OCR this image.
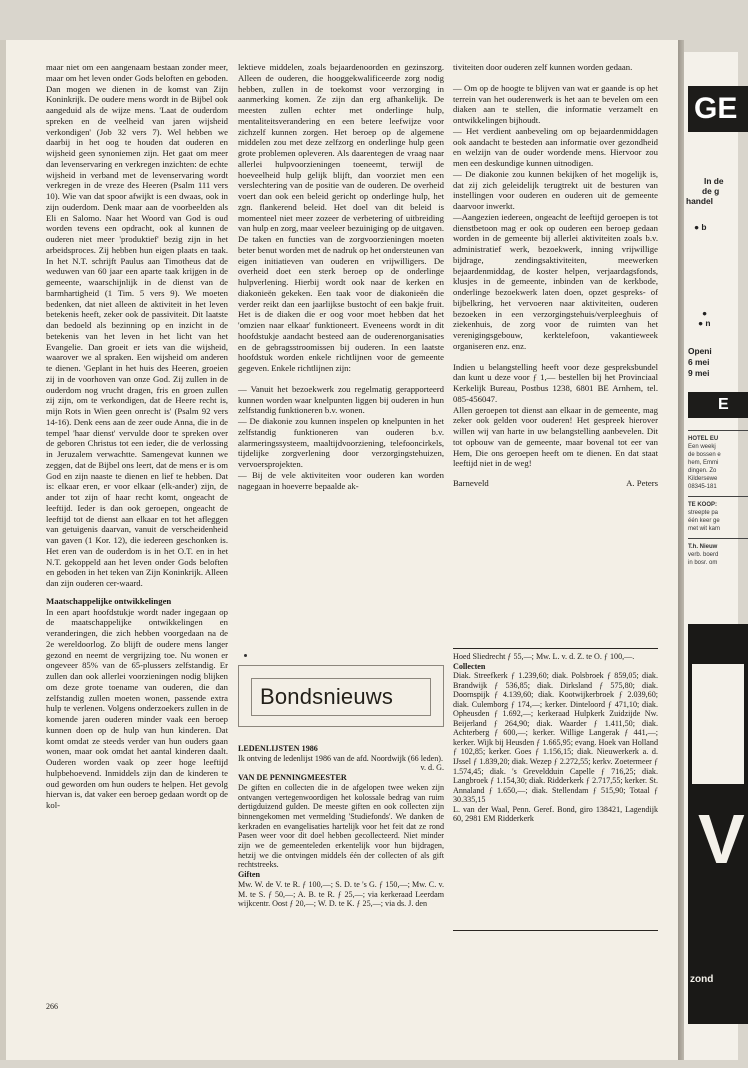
maar niet om een aangenaam bestaan zonder meer, maar om het leven onder Gods beloften en geboden. Dan mogen we dienen in de komst van Zijn Koninkrijk. De oudere mens wordt in de Bijbel ook aangeduid als de wijze mens. 'Laat de ouderdom spreken en de veelheid van jaren wijsheid verkondigen' (Job 32 vers 7). Wel hebben we daarbij in het oog te houden dat ouderen en wijsheid geen synoniemen zijn. Het gaat om meer dan levenservaring en verkregen inzichten: de echte wijsheid in verband met de levenservaring wordt verkregen in de vreze des Heeren (Psalm 111 vers 10). Wie van dat spoor afwijkt is een dwaas, ook in zijn ouderdom. Denk maar aan de voorbeelden als Eli en Salomo. Naar het Woord van God is oud worden tevens een opdracht, ook al kunnen de ouderen niet meer 'produktief' bezig zijn in het arbeidsproces. Zij hebben hun eigen plaats en taak. In het N.T. schrijft Paulus aan Timotheus dat de weduwen van 60 jaar een aparte taak krijgen in de gemeente, waarschijnlijk in de dienst van de barmhartigheid (1 Tim. 5 vers 9). We moeten bedenken, dat niet alleen de aktiviteit in het leven betekenis heeft, zeker ook de passiviteit. Dit laatste dan bedoeld als bezinning op en inzicht in de betekenis van het leven in het licht van het Evangelie. Dan groeit er iets van die wijsheid, waarover we al spraken. Een wijsheid om anderen te dienen. 'Geplant in het huis des Heeren, groeien zij in de voorhoven van onze God. Zij zullen in de ouderdom nog vrucht dragen, fris en groen zullen zij zijn, om te verkondigen, dat de Heere recht is, mijn Rots in Wien geen onrecht is' (Psalm 92 vers 14-16). Denk eens aan de zeer oude Anna, die in de tempel 'haar dienst' vervulde door te spreken over de geboren Christus tot een ieder, die de verlossing in Jeruzalem verwachtte. Samengevat kunnen we zeggen, dat de Bijbel ons leert, dat de mens er is om God en zijn naaste te dienen en lief te hebben. Dat is: elkaar eren, er voor elkaar (elk-ander) zijn, de ander tot zijn of haar recht komt, ongeacht de leeftijd. Ieder is dan ook geroepen, ongeacht de leeftijd tot de dienst aan elkaar en tot het afleggen van getuigenis daarvan, vanuit de verscheidenheid van gaven (1 Kor. 12), die iedereen geschonken is. Het eren van de ouderdom is in het O.T. en in het N.T. gekoppeld aan het leven onder Gods beloften en geboden in het teken van Zijn Koninkrijk. Alleen dan zijn ouderen cer-waard.

Maatschappelijke ontwikkelingen

In een apart hoofdstukje wordt nader ingegaan op de maatschappelijke ontwikkelingen en veranderingen, die zich hebben voorgedaan na de 2e wereldoorlog. Zo blijft de oudere mens langer gezond en neemt de vergrijzing toe. Nu wonen er ongeveer 85% van de 65-plussers zelfstandig. Er zullen dan ook allerlei voorzieningen nodig blijken om deze grote toename van ouderen, die dan zelfstandig zullen moeten wonen, passende extra hulp te verlenen. Volgens onderzoekers zullen in de komende jaren ouderen minder vaak een beroep kunnen doen op de hulp van hun kinderen. Dat komt omdat ze steeds verder van hun ouders gaan wonen, maar ook omdat het aantal kinderen daalt. Ouderen worden vaak op zeer hoge leeftijd hulpbehoevend. Inmiddels zijn dan de kinderen te oud geworden om hun ouders te helpen. Het gevolg hiervan is, dat vaker een beroep gedaan wordt op de kol-

lektieve middelen, zoals bejaardenoorden en gezinszorg. Alleen de ouderen, die hooggekwalificeerde zorg nodig hebben, zullen in de toekomst voor verzorging in aanmerking komen. Ze zijn dan erg afhankelijk. De meesten zullen echter met onderlinge hulp, mentaliteitsverandering en een betere leefwijze voor zichzelf kunnen zorgen. Het beroep op de algemene middelen zou met deze zelfzorg en onderlinge hulp geen grote problemen opleveren. Als daarentegen de vraag naar allerlei hulpvoorzieningen toeneemt, terwijl de hoeveelheid hulp gelijk blijft, dan voorziet men een verslechtering van de positie van de ouderen. De overheid voert dan ook een beleid gericht op onderlinge hulp, het zgn. flankerend beleid. Het doel van dit beleid is momenteel niet meer zozeer de verbetering of uitbreiding van hulp en zorg, maar veeleer bezuiniging op de uitgaven. De taken en functies van de zorgvoorzieningen moeten beter benut worden met de nadruk op het ondersteunen van eigen initiatieven van ouderen en vrijwilligers. De overheid doet een sterk beroep op de onderlinge hulpverlening. Hierbij wordt ook naar de kerken en diakonieën gekeken. Een taak voor de diakonieën die verder reikt dan een jaarlijkse bustocht of een bakje fruit. Het is de diaken die er oog voor moet hebben dat het 'omzien naar elkaar' funktioneert. Eveneens wordt in dit hoofdstukje aandacht besteed aan de ouderenorganisaties en de gebragsstroomissen bij ouderen. In een laatste hoofdstuk worden enkele richtlijnen voor de gemeente gegeven. Enkele richtlijnen zijn:

— Vanuit het bezoekwerk zou regelmatig gerapporteerd kunnen worden waar knelpunten liggen bij ouderen in hun zelfstandig funktioneren b.v. wonen.

— De diakonie zou kunnen inspelen op knelpunten in het zelfstandig funktioneren van ouderen b.v. alarmeringssysteem, maaltijdvoorziening, telefooncirkels, tijdelijke zorgverlening door verzorgingstehuizen, vervoersprojekten.

— Bij de vele aktiviteiten voor ouderen kan worden nagegaan in hoeverre bepaalde ak-

tiviteiten door ouderen zelf kunnen worden gedaan.

— Om op de hoogte te blijven van wat er gaande is op het terrein van het ouderenwerk is het aan te bevelen om een diaken aan te stellen, die informatie verzamelt en ontwikkelingen bijhoudt.

— Het verdient aanbeveling om op bejaardenmiddagen ook aandacht te besteden aan informatie over gezondheid en welzijn van de ouder wordende mens. Hiervoor zou men een deskundige kunnen uitnodigen.

— De diakonie zou kunnen bekijken of het mogelijk is, dat zij zich geleidelijk terugtrekt uit de besturen van instellingen voor ouderen en ouderen uit de gemeente daarvoor inwerkt.

—Aangezien iedereen, ongeacht de leeftijd geroepen is tot dienstbetoon mag er ook op ouderen een beroep gedaan worden in de gemeente bij allerlei aktiviteiten zoals b.v. administratief werk, bezoekwerk, inning vrijwillige bijdrage, zendingsaktiviteiten, meewerken bejaardenmiddag, de koster helpen, verjaardagsfonds, klusjes in de gemeente, inbinden van de kerkbode, onderlinge bezoekwerk laten doen, opzet gespreks- of bijbelkring, het vervoeren naar aktiviteiten, ouderen bezoeken in een verzorgingstehuis/verpleeghuis of ziekenhuis, de zorg voor de ruimten van het verenigingsgebouw, kerktelefoon, vakantieweek organiseren enz. enz.

Indien u belangstelling heeft voor deze gespreksbundel dan kunt u deze voor ƒ 1,— bestellen bij het Provinciaal Kerkelijk Bureau, Postbus 1238, 6801 BE Arnhem, tel. 085-456047.

Allen geroepen tot dienst aan elkaar in de gemeente, mag zeker ook gelden voor ouderen! Het gespreek hierover willen wij van harte in uw belangstelling aanbevelen. Dit tot opbouw van de gemeente, maar bovenal tot eer van Hem, Die ons geroepen heeft om te dienen. En dat staat leeftijd niet in de weg!

Barneveld	A. Peters
Bondsnieuws

LEDENLIJSTEN 1986

Ik ontving de ledenlijst 1986 van de afd. Noordwijk (66 leden).

v. d. G.

VAN DE PENNINGMEESTER

De giften en collecten die in de afgelopen twee weken zijn ontvangen vertegenwoordigen het kolossale bedrag van ruim dertigduizend gulden. De meeste giften en ook collecten zijn binnengekomen met vermelding 'Studiefonds'. We danken de kerkraden en evangelisaties hartelijk voor het feit dat ze rond Pasen weer voor dit doel hebben gecollecteerd. Niet minder zijn we de gemeenteleden erkentelijk voor hun bijdragen, hetzij we die ontvingen middels één der collecten of als gift rechtstreeks.

Giften

Mw. W. de V. te R. ƒ 100,—; S. D. te 's G. ƒ 150,—; Mw. C. v. M. te S. ƒ 50,—; A. B. te R. ƒ 25,—; via kerkeraad Leerdam wijkcentr. Oost ƒ 20,—; W. D. te K. ƒ 25,—; via ds. J. den

Hoed Sliedrecht ƒ 55,—; Mw. L. v. d. Z. te O. ƒ 100,—.

Collecten

Diak. Streefkerk ƒ 1.239,60; diak. Polsbroek ƒ 859,05; diak. Brandwijk ƒ 536,85; diak. Dirksland ƒ 575,80; diak. Doornspijk ƒ 4.139,60; diak. Kootwijkerbroek ƒ 2.039,60; diak. Culemborg ƒ 174,—; kerker. Dinteloord ƒ 471,10; diak. Opheusden ƒ 1.692,—; kerkeraad Hulpkerk Zuidzijde Nw. Beijerland ƒ 264,90; diak. Waarder ƒ 1.411,50; diak. Achterberg ƒ 600,—; kerker. Willige Langerak ƒ 441,—; kerker. Wijk bij Heusden ƒ 1.665,95; evang. Hoek van Holland ƒ 102,85; kerker. Goes ƒ 1.156,15; diak. Nieuwerkerk a. d. IJssel ƒ 1.839,20; diak. Wezep ƒ 2.272,55; kerkv. Zoetermeer ƒ 1.574,45; diak. 's Greveldduin Capelle ƒ 716,25; diak. Langbroek ƒ 1.154,30; diak. Ridderkerk ƒ 2.717,55; kerker. St. Annaland ƒ 1.650,—; diak. Stellendam ƒ 515,90; Totaal ƒ 30.335,15

L. van der Waal, Penn. Geref. Bond, giro 138421, Lagendijk 60, 2981 EM Ridderkerk

266
GE
In de
de g
handel
● b
●
● n
Openi
6 mei
9 mei
E
HOTEL EU
Een weekj
de bossen e
hem, Emmi
dingen. Zo
Kildersewe
08345-181
TE KOOP:
streepte pa
één keer ge
met wit kam
T.h. Nieuw
verb. boerd
in bosr. om
V
zond
